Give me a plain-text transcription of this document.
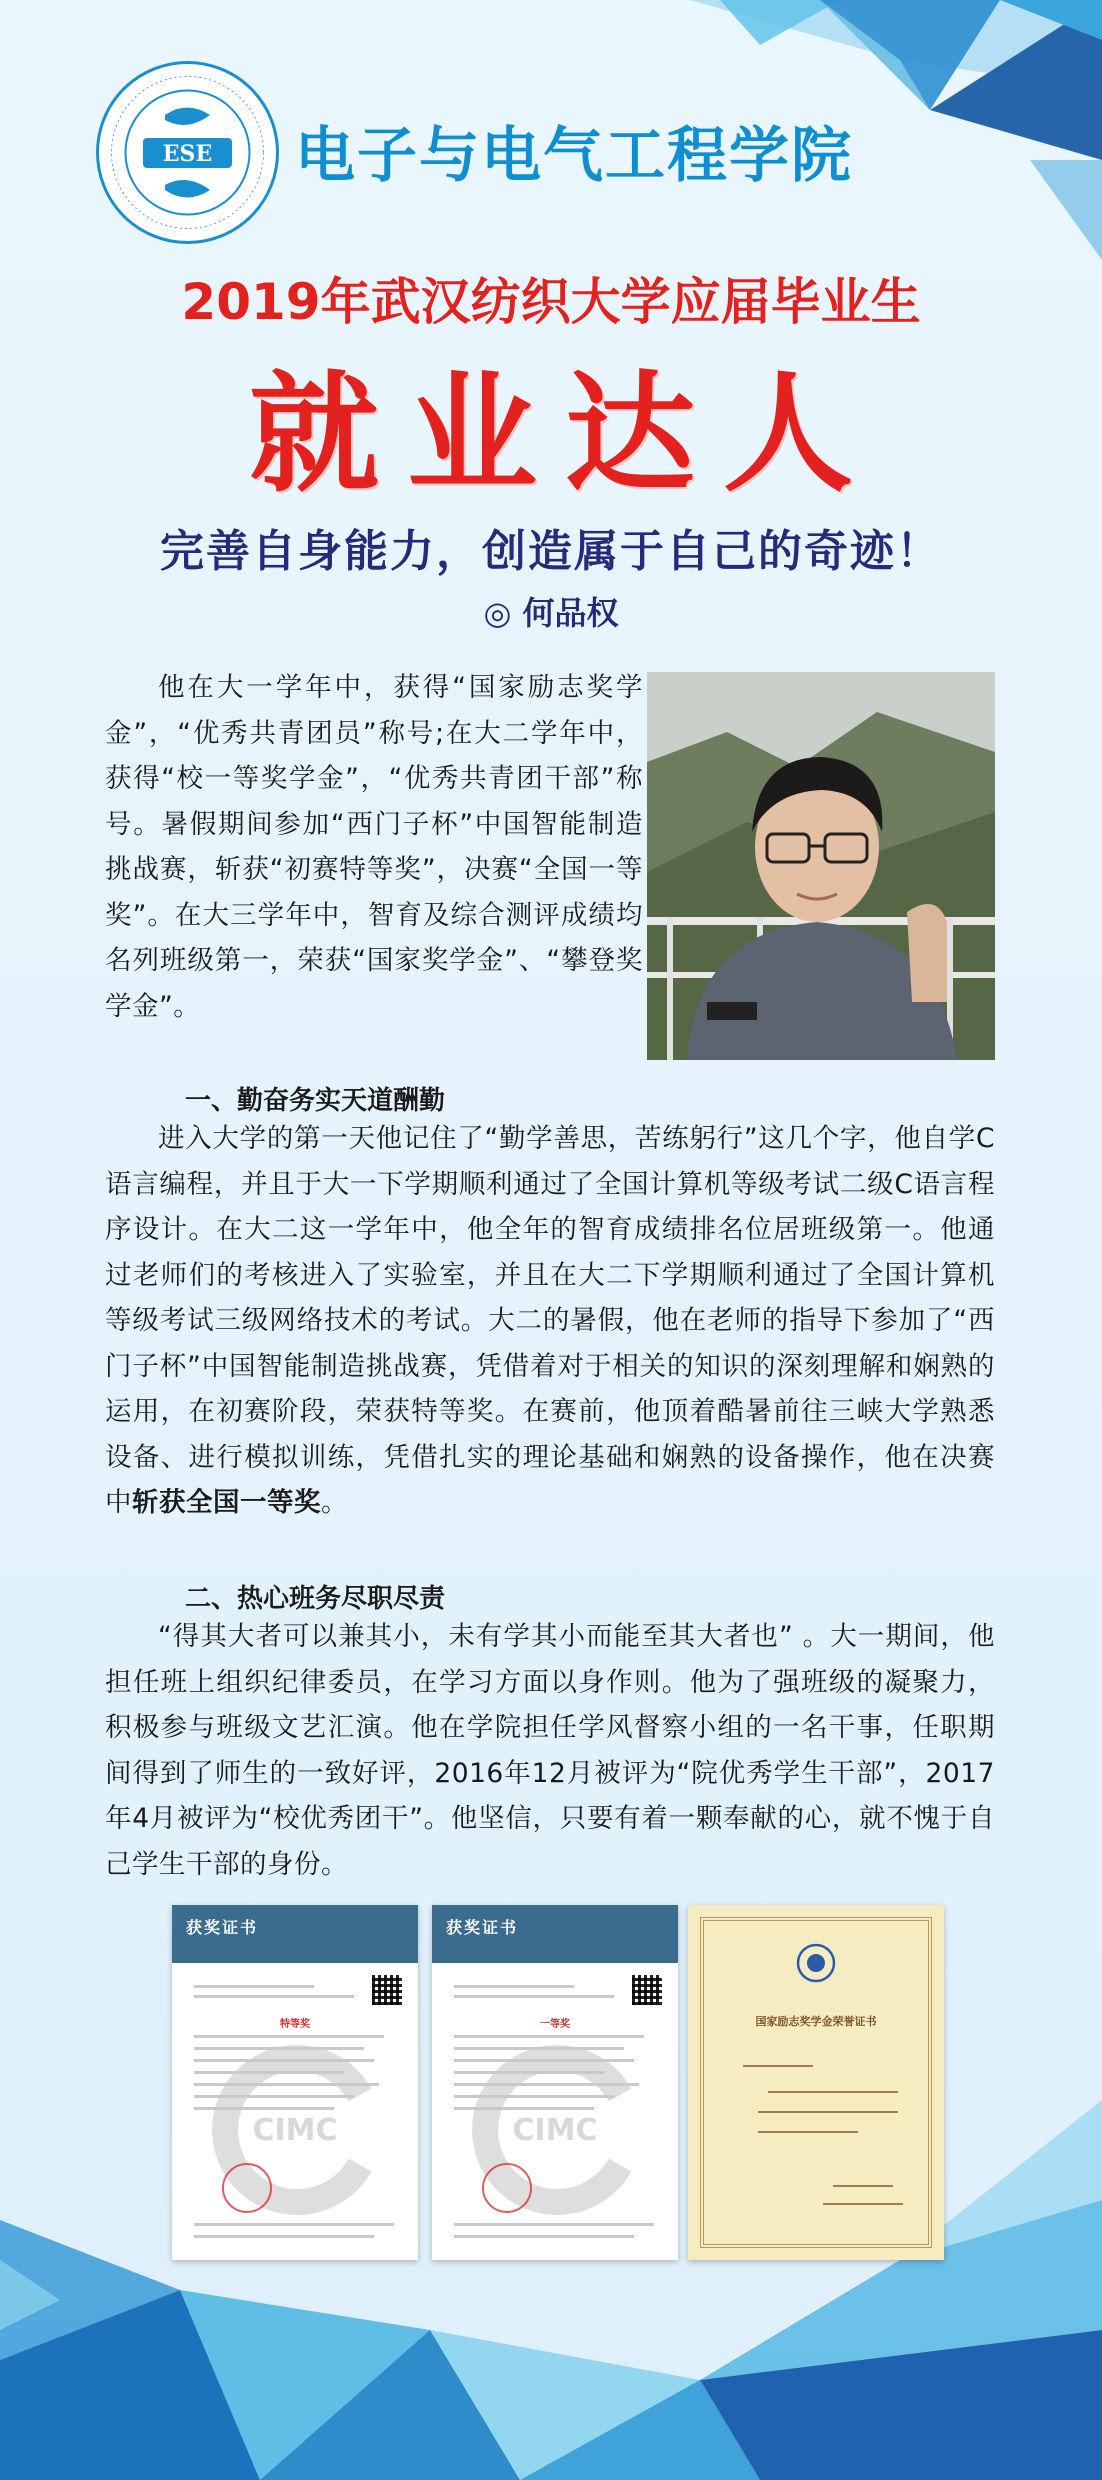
ESE 电子与电气工程学院
2019年武汉纺织大学应届毕业生
就业达人
完善自身能力，创造属于自己的奇迹！
◎ 何品权
他在大一学年中，获得“国家励志奖学金”，“优秀共青团员”称号;在大二学年中，获得“校一等奖学金”，“优秀共青团干部”称号。暑假期间参加“西门子杯”中国智能制造挑战赛，斩获“初赛特等奖”，决赛“全国一等奖”。在大三学年中，智育及综合测评成绩均名列班级第一，荣获“国家奖学金”、“攀登奖学金”。
一、勤奋务实天道酬勤
进入大学的第一天他记住了“勤学善思，苦练躬行”这几个字，他自学C语言编程，并且于大一下学期顺利通过了全国计算机等级考试二级C语言程序设计。在大二这一学年中，他全年的智育成绩排名位居班级第一。他通过老师们的考核进入了实验室，并且在大二下学期顺利通过了全国计算机等级考试三级网络技术的考试。大二的暑假，他在老师的指导下参加了“西门子杯”中国智能制造挑战赛，凭借着对于相关的知识的深刻理解和娴熟的运用，在初赛阶段，荣获特等奖。在赛前，他顶着酷暑前往三峡大学熟悉设备、进行模拟训练，凭借扎实的理论基础和娴熟的设备操作，他在决赛中斩获全国一等奖。
二、热心班务尽职尽责
“得其大者可以兼其小，未有学其小而能至其大者也” 。大一期间，他担任班上组织纪律委员，在学习方面以身作则。他为了强班级的凝聚力，积极参与班级文艺汇演。他在学院担任学风督察小组的一名干事，任职期间得到了师生的一致好评，2016年12月被评为“院优秀学生干部”，2017年4月被评为“校优秀团干”。他坚信，只要有着一颗奉献的心，就不愧于自己学生干部的身份。
获奖证书
特等奖
CIMC
获奖证书
一等奖
CIMC
国家励志奖学金荣誉证书
